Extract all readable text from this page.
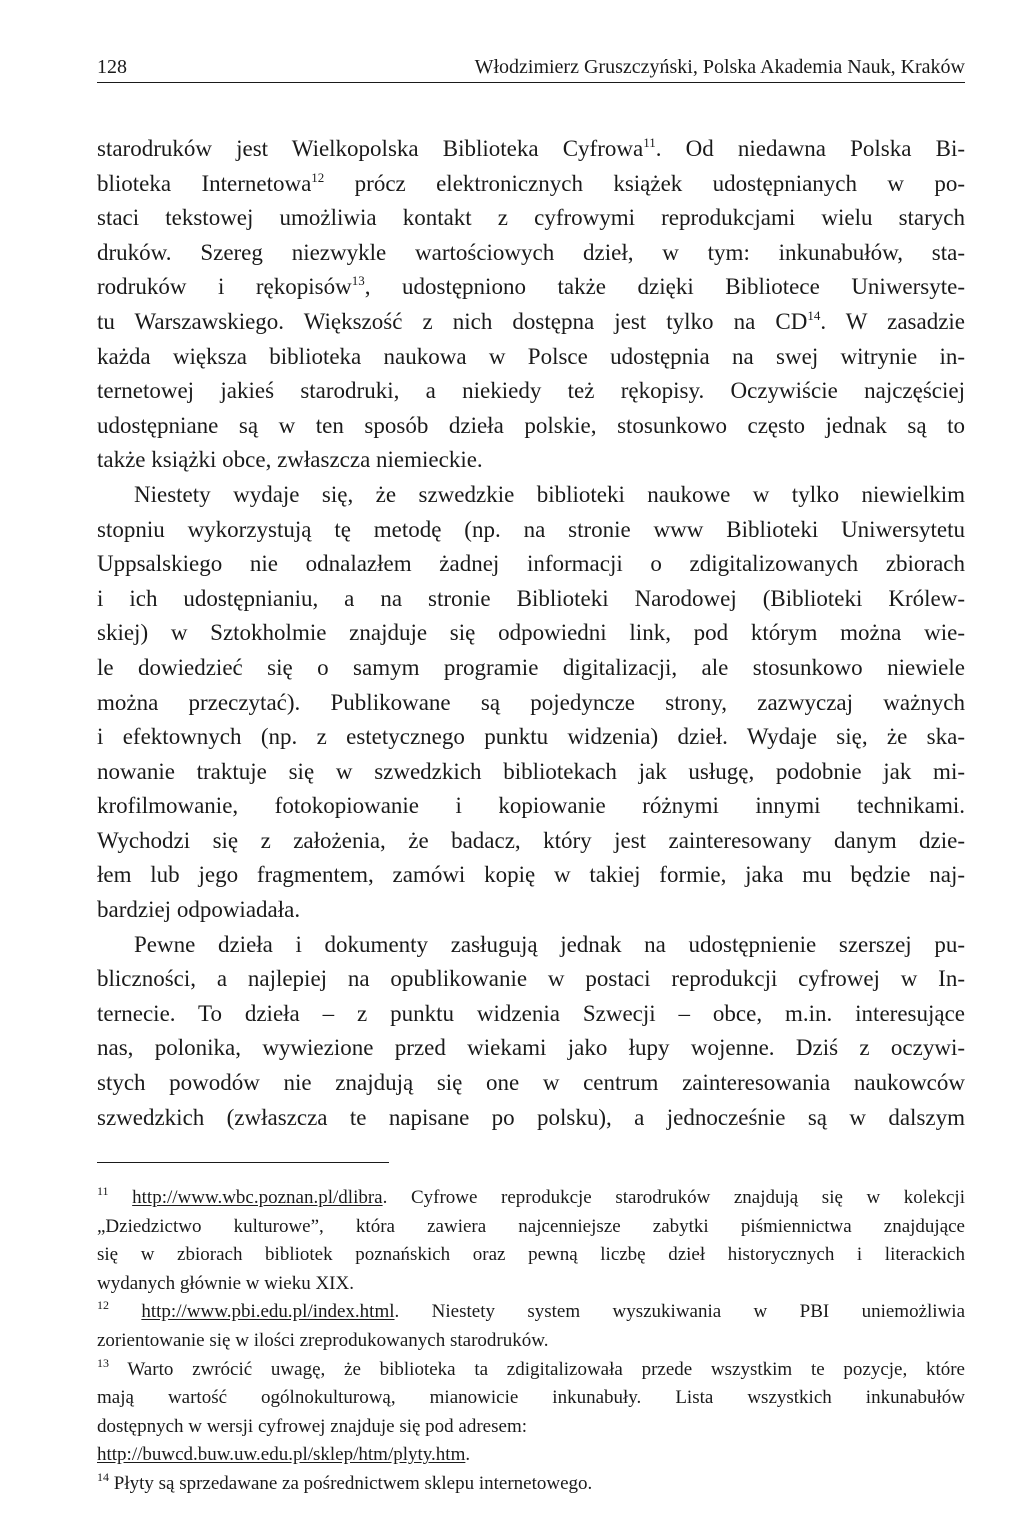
128	Włodzimierz Gruszczyński, Polska Akademia Nauk, Kraków
starodruków jest Wielkopolska Biblioteka Cyfrowa$^{11}$. Od niedawna Polska Bi-
blioteka Internetowa$^{12}$ prócz elektronicznych książek udostępnianych w po-
staci tekstowej umożliwia kontakt z cyfrowymi reprodukcjami wielu starych
druków. Szereg niezwykle wartościowych dzieł, w tym: inkunabułów, sta-
rodruków i rękopisów$^{13}$, udostępniono także dzięki Bibliotece Uniwersyte-
tu Warszawskiego. Większość z nich dostępna jest tylko na CD$^{14}$. W zasadzie
każda większa biblioteka naukowa w Polsce udostępnia na swej witrynie in-
ternetowej jakieś starodruki, a niekiedy też rękopisy. Oczywiście najczęściej
udostępniane są w ten sposób dzieła polskie, stosunkowo często jednak są to
także książki obce, zwłaszcza niemieckie.
Niestety wydaje się, że szwedzkie biblioteki naukowe w tylko niewielkim
stopniu wykorzystują tę metodę (np. na stronie www Biblioteki Uniwersytetu
Uppsalskiego nie odnalazłem żadnej informacji o zdigitalizowanych zbiorach
i ich udostępnianiu, a na stronie Biblioteki Narodowej (Biblioteki Królew-
skiej) w Sztokholmie znajduje się odpowiedni link, pod którym można wie-
le dowiedzieć się o samym programie digitalizacji, ale stosunkowo niewiele
można przeczytać). Publikowane są pojedyncze strony, zazwyczaj ważnych
i efektownych (np. z estetycznego punktu widzenia) dzieł. Wydaje się, że ska-
nowanie traktuje się w szwedzkich bibliotekach jak usługę, podobnie jak mi-
krofilmowanie, fotokopiowanie i kopiowanie różnymi innymi technikami.
Wychodzi się z założenia, że badacz, który jest zainteresowany danym dzie-
łem lub jego fragmentem, zamówi kopię w takiej formie, jaka mu będzie naj-
bardziej odpowiadała.
Pewne dzieła i dokumenty zasługują jednak na udostępnienie szerszej pu-
bliczności, a najlepiej na opublikowanie w postaci reprodukcji cyfrowej w In-
ternecie. To dzieła – z punktu widzenia Szwecji – obce, m.in. interesujące
nas, polonika, wywiezione przed wiekami jako łupy wojenne. Dziś z oczywi-
stych powodów nie znajdują się one w centrum zainteresowania naukowców
szwedzkich (zwłaszcza te napisane po polsku), a jednocześnie są w dalszym
$^{11}$ http://www.wbc.poznan.pl/dlibra. Cyfrowe reprodukcje starodruków znajdują się w kolekcji
„Dziedzictwo kulturowe”, która zawiera najcenniejsze zabytki piśmiennictwa znajdujące
się w zbiorach bibliotek poznańskich oraz pewną liczbę dzieł historycznych i literackich
wydanych głównie w wieku XIX.
$^{12}$ http://www.pbi.edu.pl/index.html. Niestety system wyszukiwania w PBI uniemożliwia
zorientowanie się w ilości zreprodukowanych starodruków.
$^{13}$ Warto zwrócić uwagę, że biblioteka ta zdigitalizowała przede wszystkim te pozycje, które
mają wartość ogólnokulturową, mianowicie inkunabuły. Lista wszystkich inkunabułów
dostępnych w wersji cyfrowej znajduje się pod adresem:
http://buwcd.buw.uw.edu.pl/sklep/htm/plyty.htm.
$^{14}$ Płyty są sprzedawane za pośrednictwem sklepu internetowego.
